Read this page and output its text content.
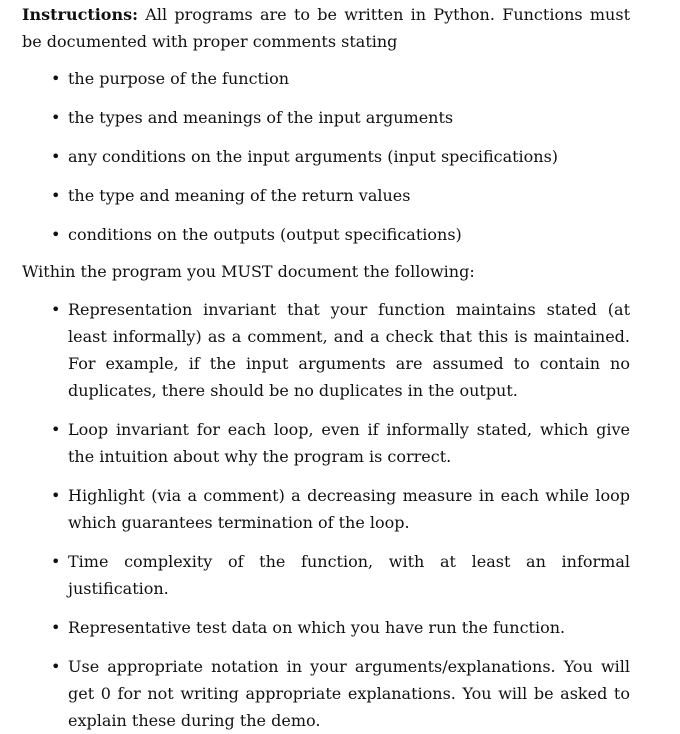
Instructions: All programs are to be written in Python. Functions must be documented with proper comments stating

• the purpose of the function
• the types and meanings of the input arguments
• any conditions on the input arguments (input specifications)
• the type and meaning of the return values
• conditions on the outputs (output specifications)

Within the program you MUST document the following:

• Representation invariant that your function maintains stated (at least informally) as a comment, and a check that this is maintained. For example, if the input arguments are assumed to contain no duplicates, there should be no duplicates in the output.
• Loop invariant for each loop, even if informally stated, which give the intuition about why the program is correct.
• Highlight (via a comment) a decreasing measure in each while loop which guarantees termination of the loop.
• Time complexity of the function, with at least an informal justification.
• Representative test data on which you have run the function.
• Use appropriate notation in your arguments/explanations. You will get 0 for not writing appropriate explanations. You will be asked to explain these during the demo.
